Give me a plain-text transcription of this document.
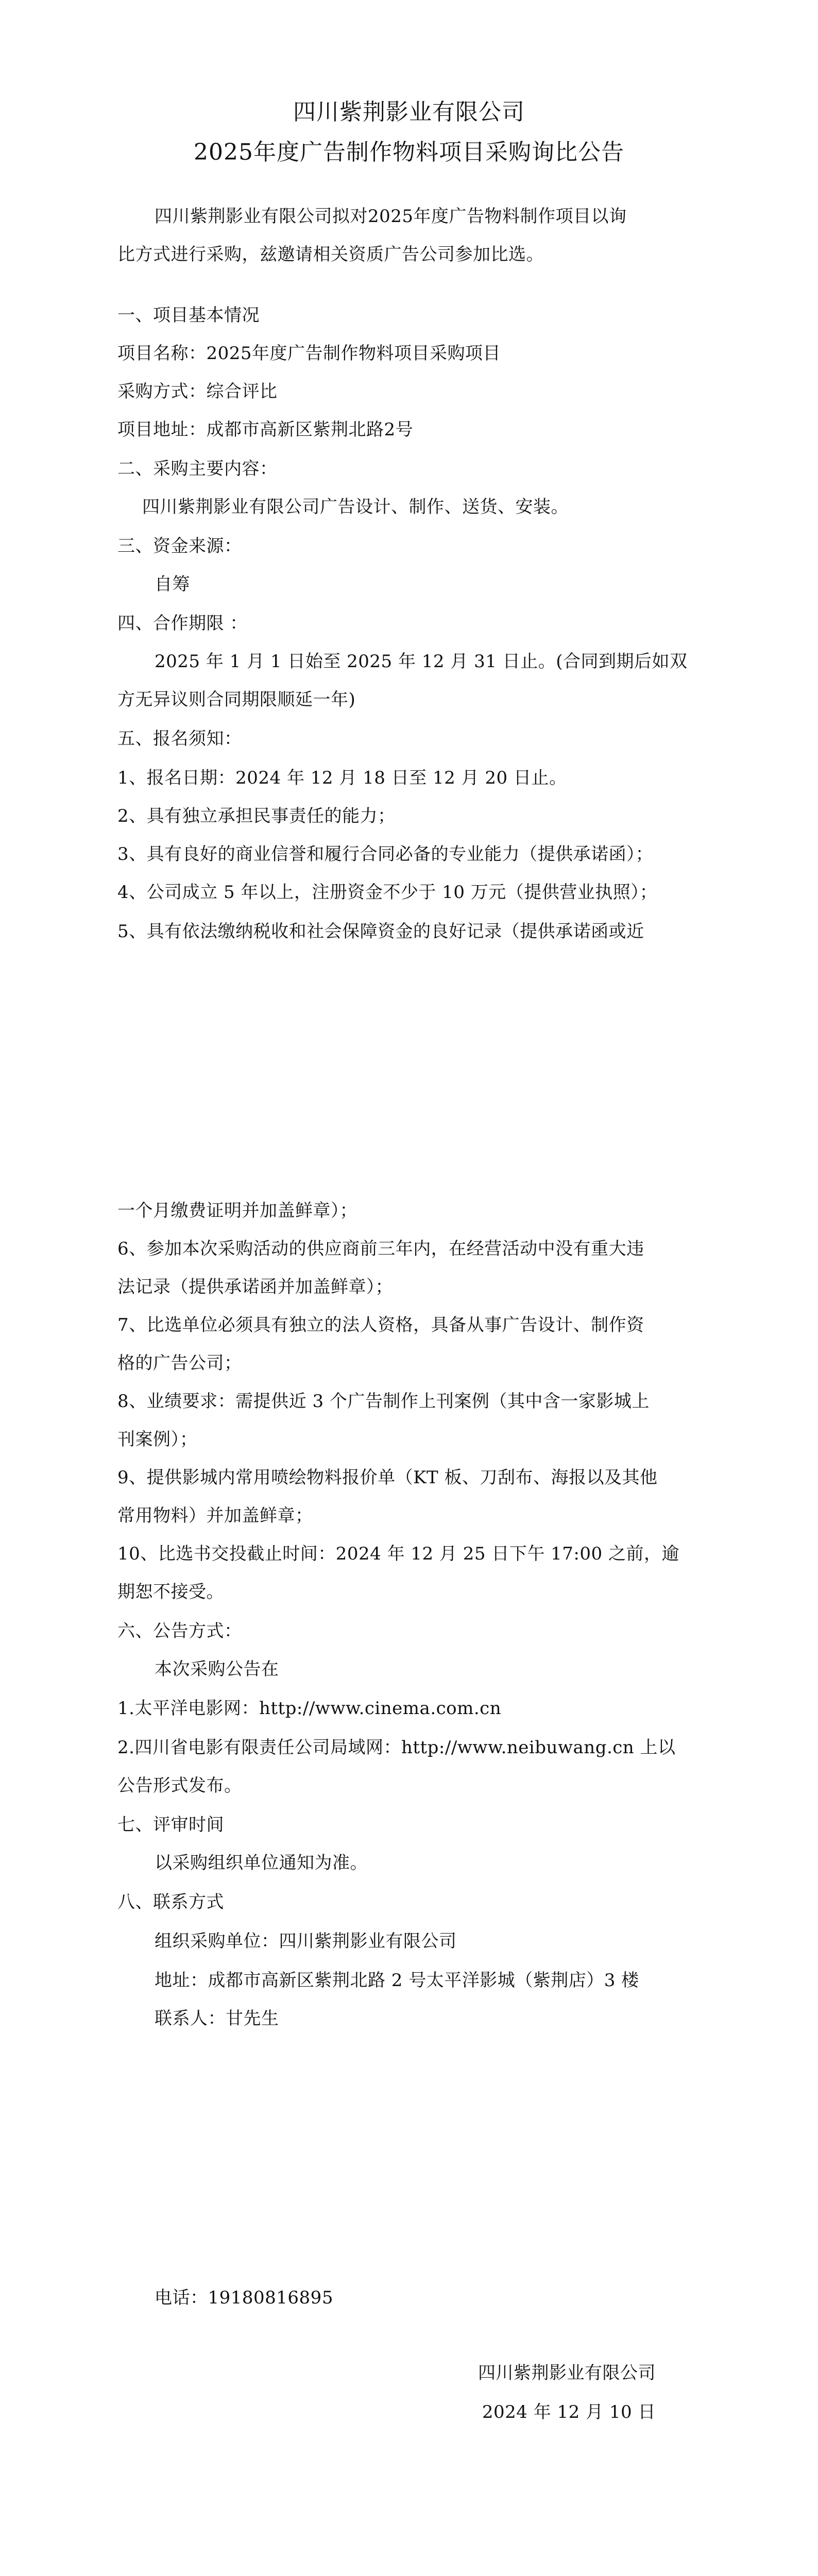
四川紫荆影业有限公司
2025年度广告制作物料项目采购询比公告
四川紫荆影业有限公司拟对2025年度广告物料制作项目以询
比方式进行采购，兹邀请相关资质广告公司参加比选。
一、项目基本情况
项目名称：2025年度广告制作物料项目采购项目
采购方式：综合评比
项目地址：成都市高新区紫荆北路2号
二、采购主要内容：
四川紫荆影业有限公司广告设计、制作、送货、安装。
三、资金来源：
自筹
四、合作期限 ：
2025 年 1 月 1 日始至 2025 年 12 月 31 日止。(合同到期后如双
方无异议则合同期限顺延一年)
五、报名须知：
1、报名日期：2024 年 12 月 18 日至 12 月 20 日止。
2、具有独立承担民事责任的能力；
3、具有良好的商业信誉和履行合同必备的专业能力（提供承诺函）；
4、公司成立 5 年以上，注册资金不少于 10 万元（提供营业执照）；
5、具有依法缴纳税收和社会保障资金的良好记录（提供承诺函或近
一个月缴费证明并加盖鲜章）；
6、参加本次采购活动的供应商前三年内，在经营活动中没有重大违
法记录（提供承诺函并加盖鲜章）；
7、比选单位必须具有独立的法人资格，具备从事广告设计、制作资
格的广告公司；
8、业绩要求：需提供近 3 个广告制作上刊案例（其中含一家影城上
刊案例）；
9、提供影城内常用喷绘物料报价单（KT 板、刀刮布、海报以及其他
常用物料）并加盖鲜章；
10、比选书交投截止时间：2024 年 12 月 25 日下午 17:00 之前，逾
期恕不接受。
六、公告方式：
本次采购公告在
1.太平洋电影网：http://www.cinema.com.cn
2.四川省电影有限责任公司局域网：http://www.neibuwang.cn 上以
公告形式发布。
七、评审时间
以采购组织单位通知为准。
八、联系方式
组织采购单位：四川紫荆影业有限公司
地址：成都市高新区紫荆北路 2 号太平洋影城（紫荆店）3 楼
联系人：甘先生
电话：19180816895
四川紫荆影业有限公司
2024 年 12 月 10 日
